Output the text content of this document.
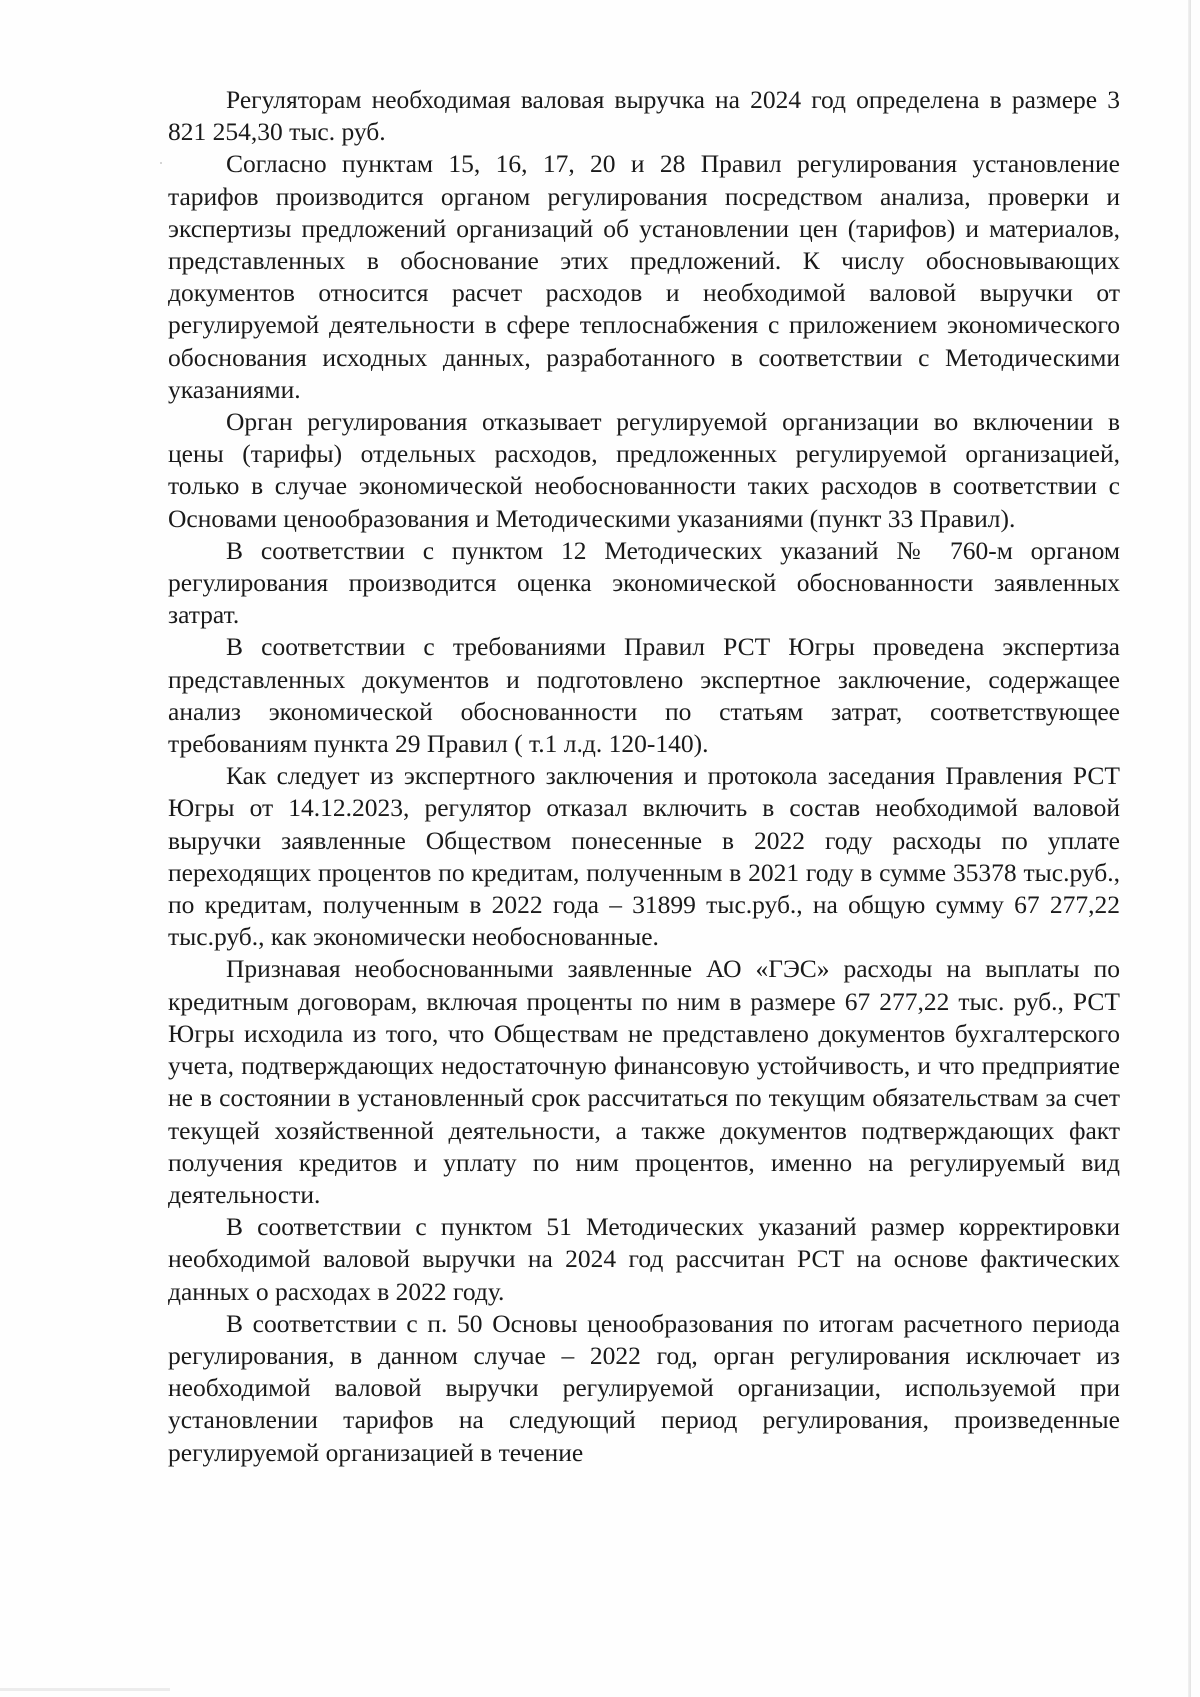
Регуляторам необходимая валовая выручка на 2024 год определена в размере 3 821 254,30 тыс. руб.

Согласно пунктам 15, 16, 17, 20 и 28 Правил регулирования установление тарифов производится органом регулирования посредством анализа, проверки и экспертизы предложений организаций об установлении цен (тарифов) и материалов, представленных в обоснование этих предложений. К числу обосновывающих документов относится расчет расходов и необходимой валовой выручки от регулируемой деятельности в сфере теплоснабжения с приложением экономического обоснования исходных данных, разработанного в соответствии с Методическими указаниями.

Орган регулирования отказывает регулируемой организации во включении в цены (тарифы) отдельных расходов, предложенных регулируемой организацией, только в случае экономической необоснованности таких расходов в соответствии с Основами ценообразования и Методическими указаниями (пункт 33 Правил).

В соответствии с пунктом 12 Методических указаний № 760-м органом регулирования производится оценка экономической обоснованности заявленных затрат.

В соответствии с требованиями Правил РСТ Югры проведена экспертиза представленных документов и подготовлено экспертное заключение, содержащее анализ экономической обоснованности по статьям затрат, соответствующее требованиям пункта 29 Правил ( т.1 л.д. 120-140).

Как следует из экспертного заключения и протокола заседания Правления РСТ Югры от 14.12.2023, регулятор отказал включить в состав необходимой валовой выручки заявленные Обществом понесенные в 2022 году расходы по уплате переходящих процентов по кредитам, полученным в 2021 году в сумме 35378 тыс.руб., по кредитам, полученным в 2022 года – 31899 тыс.руб., на общую сумму 67 277,22 тыс.руб., как экономически необоснованные.

Признавая необоснованными заявленные АО «ГЭС» расходы на выплаты по кредитным договорам, включая проценты по ним в размере 67 277,22 тыс. руб., РСТ Югры исходила из того, что Обществам не представлено документов бухгалтерского учета, подтверждающих недостаточную финансовую устойчивость, и что предприятие не в состоянии в установленный срок рассчитаться по текущим обязательствам за счет текущей хозяйственной деятельности, а также документов подтверждающих факт получения кредитов и уплату по ним процентов, именно на регулируемый вид деятельности.

В соответствии с пунктом 51 Методических указаний размер корректировки необходимой валовой выручки на 2024 год рассчитан РСТ на основе фактических данных о расходах в 2022 году.

В соответствии с п. 50 Основы ценообразования по итогам расчетного периода регулирования, в данном случае – 2022 год, орган регулирования исключает из необходимой валовой выручки регулируемой организации, используемой при установлении тарифов на следующий период регулирования, произведенные регулируемой организацией в течение
